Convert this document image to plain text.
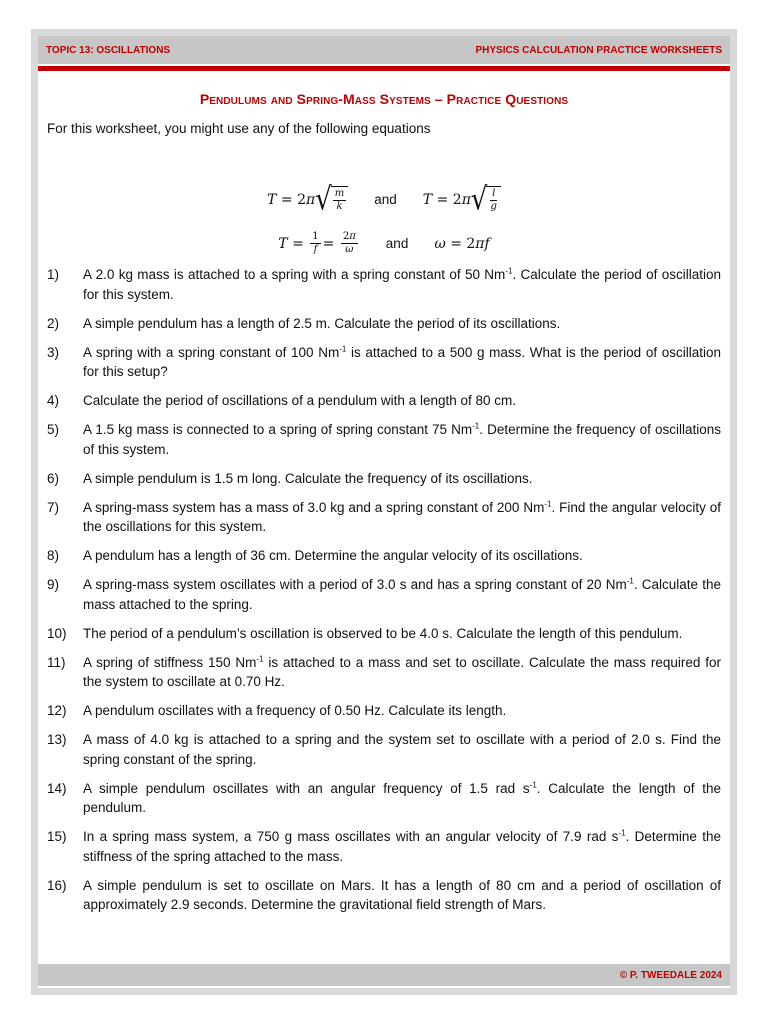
TOPIC 13: OSCILLATIONS	PHYSICS CALCULATION PRACTICE WORKSHEETS
Pendulums and Spring-Mass Systems – Practice Questions
For this worksheet, you might use any of the following equations
T = 2 π √ $\frac{m}{k}$ and T = 2 π √ $\frac{l}{g}$
$T = \frac{1}{f} = \frac{2\pi}{\omega}$ and ω = 2 πf
1)	A 2.0 kg mass is attached to a spring with a spring constant of 50 $Nm^{-1}$. Calculate the period of oscillation for this system.
2)	A simple pendulum has a length of 2.5 m. Calculate the period of its oscillations.
3)	A spring with a spring constant of 100 $Nm^{-1}$ is attached to a 500 g mass. What is the period of oscillation for this setup?
4)	Calculate the period of oscillations of a pendulum with a length of 80 cm.
5)	A 1.5 kg mass is connected to a spring of spring constant 75 $Nm^{-1}$. Determine the frequency of oscillations of this system.
6)	A simple pendulum is 1.5 m long. Calculate the frequency of its oscillations.
7)	A spring-mass system has a mass of 3.0 kg and a spring constant of 200 $Nm^{-1}$. Find the angular velocity of the oscillations for this system.
8)	A pendulum has a length of 36 cm. Determine the angular velocity of its oscillations.
9)	A spring-mass system oscillates with a period of 3.0 s and has a spring constant of 20 $Nm^{-1}$. Calculate the mass attached to the spring.
10)	The period of a pendulum’s oscillation is observed to be 4.0 s. Calculate the length of this pendulum.
11)	A spring of stiffness 150 $Nm^{-1}$ is attached to a mass and set to oscillate. Calculate the mass required for the system to oscillate at 0.70 Hz.
12)	A pendulum oscillates with a frequency of 0.50 Hz. Calculate its length.
13)	A mass of 4.0 kg is attached to a spring and the system set to oscillate with a period of 2.0 s. Find the spring constant of the spring.
14)	A simple pendulum oscillates with an angular frequency of 1.5 rad $s^{-1}$. Calculate the length of the pendulum.
15)	In a spring mass system, a 750 g mass oscillates with an angular velocity of 7.9 rad $s^{-1}$. Determine the stiffness of the spring attached to the mass.
16)	A simple pendulum is set to oscillate on Mars. It has a length of 80 cm and a period of oscillation of approximately 2.9 seconds. Determine the gravitational field strength of Mars.
© P. TWEEDALE 2024
